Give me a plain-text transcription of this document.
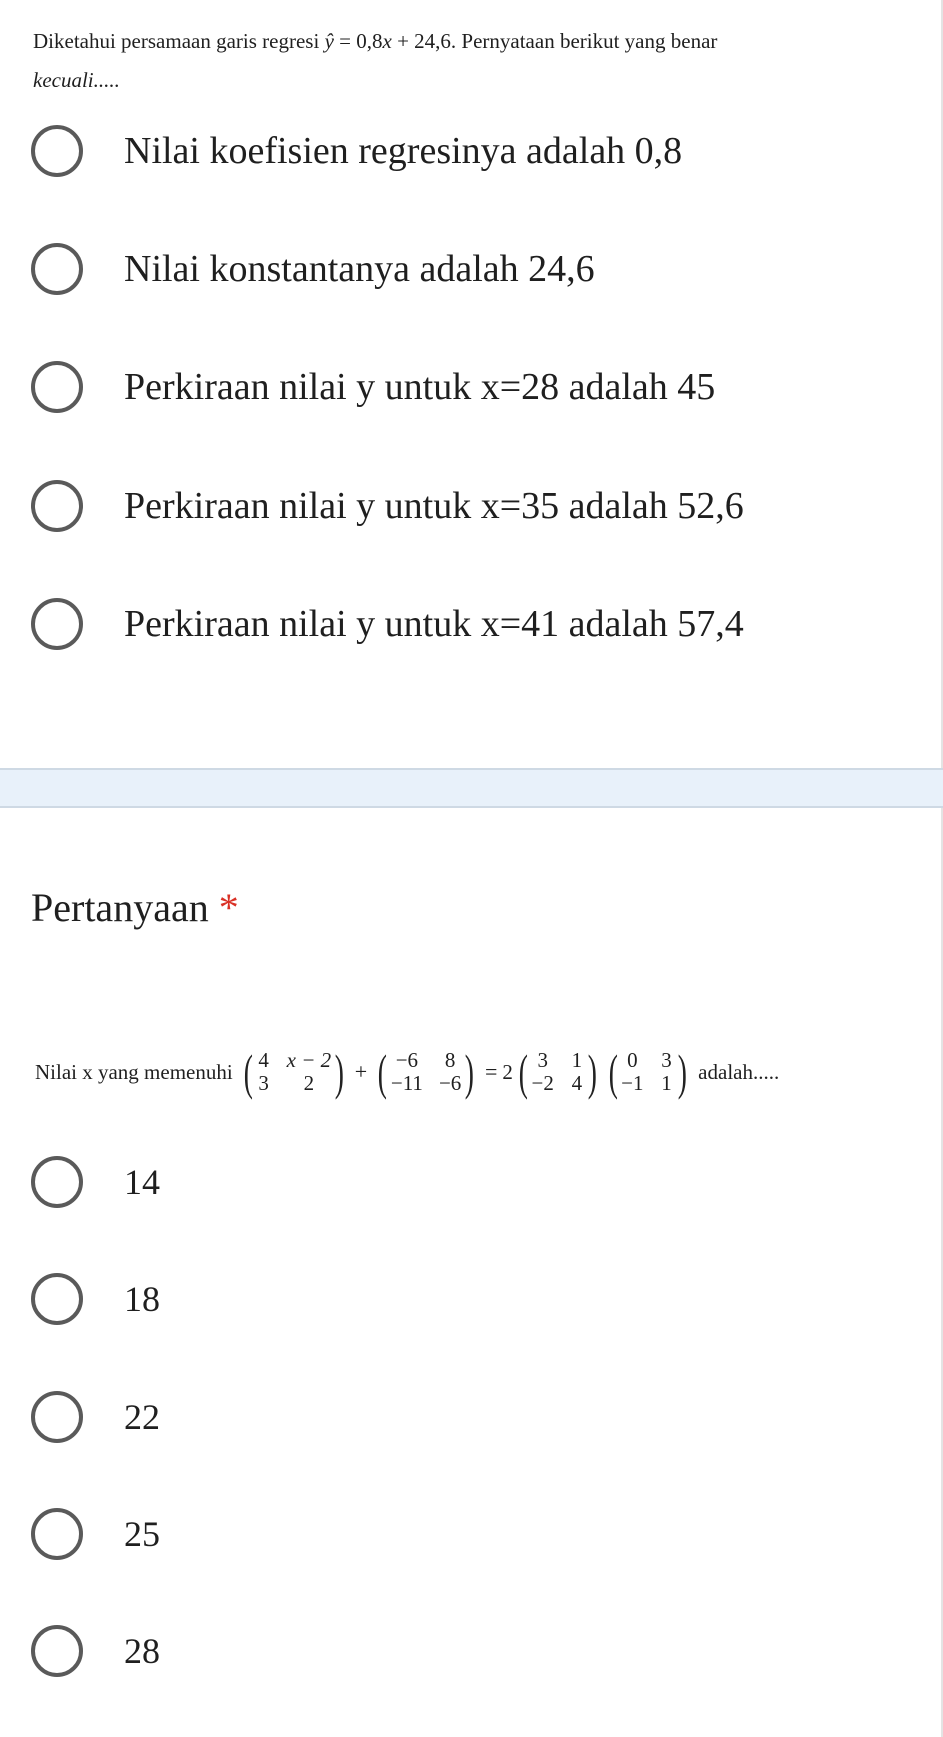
Diketahui persamaan garis regresi ŷ = 0,8x + 24,6. Pernyataan berikut yang benar
kecuali.....
Nilai koefisien regresinya adalah 0,8
Nilai konstantanya adalah 24,6
Perkiraan nilai y untuk x=28 adalah 45
Perkiraan nilai y untuk x=35 adalah 52,6
Perkiraan nilai y untuk x=41 adalah 57,4
Pertanyaan *
Nilai x yang memenuhi
( 4 x − 2
3	2 ) + ( −6 8
−11 −6 ) = 2 ( 3 1
−2 4 ) ( 0 3
−1 1 ) adalah.....
14
18
22
25
28
